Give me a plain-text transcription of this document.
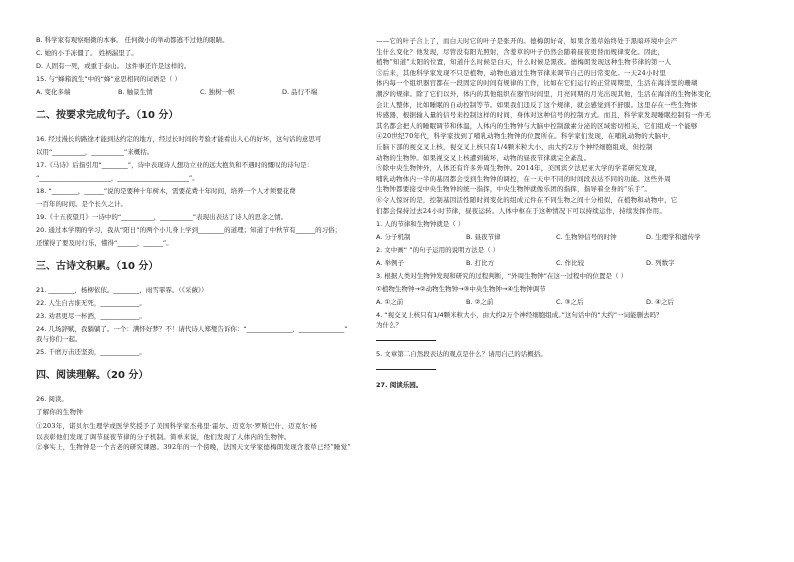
B. 科学家有观察细微的本事。 任何微小的举动都逃不过他的眼睛。
C. 她的小手冻僵了。 姓柄漏里了。
D. 人固有一死，或重于泰山。 这件事还许是这样的。
15. 与“蜂箱流生”中的“蜂”意思相同的词语是（ ）
A. 变化多端	B. 触景生情	C. 独树一帜	D. 品行不端
二、按要求完成句子。（10 分）
16. 经过漫长的路途才能到达约定的地方，经过长时间的考验才能看出人心的好坏，这句话的意思可
以用“__________，__________”来概括。
17.《马诗》后指引用“________”，诗中表现诗人想功立业的远大抱负和不遇时的慨叹的诗句是：
“______________________，______________________”。
18. “________，______”说的是要种十年树木，需要花费十年时间，培养一个人才须要花费
一百年的时间。是个长久之计。
19.《十五夜望月》一诗中的“__________，__________”表现出表达了诗人的思念之情。
20. 通过本学期的学习，我从“阳日”的两个小儿身上学到________的道理；知道了中秋节有______的习俗；
还懂得了要及时行乐，懂得“______，______”。
三、古诗文积累。（10 分）
21. ________，杨柳依依。________，雨雪霏霏。（《采薇》）
22. 人生自古谁无死，____________。
23. 劝君更尽一杯酒，____________。
24. 几场辞赋，我躺躺了。一个：满怀好梦？不！请代诗人郑燮告诉你：“______________，______________”
我与你们一起。
25. 千磨万击还坚劲，____________。
四、阅读理解。（20 分）
26. 阅读。
了解你的生物钟
①203年，诺贝尔生理学或医学奖授予了美国科学家杰弗里·霍尔、迈克尔·罗斯巴什、迈克尔·杨
以表彰他们发现了调节昼夜节律的分子机制。简单来说，他们发现了人体内的生物钟。
②事实上，生物钟是一个古老的研究课题。392年的一个傍晚，法国天文学家德梅朗发现含羞草已经“睡觉”
——它的叶子合上了，而白天时它的叶子是张开的。德梅朗好奇，如果含羞草始终处于黑暗环境中会产
生什么变化？他发现，尽管没有阳光照射，含羞草的叶子仍然会随着昼夜更替而规律变化。因此，
植物“知道”太阳的位置，知道什么时候是白天，什么时候是黑夜。德梅朗发现这种生物节律的第一人
③后来，其他科学家发现不只是植物，动物也通过生物节律来调节自己的日常变化。一天24小时里
体内每一个组织器官都在一段固定的时间有规律的工作，比如在它们运行的正常周期里，生活在海洋里的珊瑚
潮汐的规律。除了它们以外，体内的其他组织在器官时间里，月亮同期的月光出现其他，生活在海洋的生物体变化
会让人整体，比如睡眠的自动控制等节。如果我们违反了这个规律，就会感觉到不舒服。这里存在一些生物体
传感器，根据输入量的信号来控制这样的时间，身体对这种信号的控制方式。而且，科学家发现睡眠控制有一件无
其名都会把人的睡眠调节和体温，人体内的生物钟与大脑中控制激素分泌的区域密切相关，它们组成一个能够
④20世纪70年代，科学家找到了哺乳动物生物钟的位置所在。科学家们发现，在哺乳动物的大脑中，
丘脑下部的视交叉上核，视交叉上核只有1/4颗米粒大小，由大约2万个神经细胞组成，但控制
动物的生物钟。如果视交叉上核遭到破坏，动物的昼夜节律就完全紊乱。
⑤除中央生物钟外，人体还有许多外周生物钟。2014年，美国宾夕法尼亚大学的学者研究发现，
哺乳动物体内一半的基因都会受到生物钟的调控，在一天中不同的时间段表达不同的功能。这些外周
生物钟都要接受中央生物钟的统一指挥，中央生物钟就像乐团的指挥，指导着全身的“乐手”。
⑥令人惊讶的是，控制基因活性随时间变化的组成元件在不同生物之间十分相似，在植物和动物中，它
们都会保持过去24小时节律，昼夜运转。人体中枢在于这种情况下可以持续运作，持续发挥作用。
1. 人的节律和生物钟就是（ ）
A. 分子机制	B. 昼夜节律	C. 生物钟信号的时钟	D. 生理学和遗传学
2. 文中画“ ”的句子运用的说明方法是（ ）
A. 举例子	B. 打比方	C. 作比较	D. 列数字
3. 根据人类对生物钟发现和研究的过程判断，“外周生物钟”在这一过程中的位置是（ ）
①植物生物钟→②动物生物钟→③中央生物钟→④生物钟调节
A. ①之前	B. ②之前	C. ③之后	D. ④之后
4. “视交叉上核只有1/4颗米粒大小，由大约2万个神经细胞组成。”这句话中的“大约”一词能删去吗？
为什么？
5. 文章第二自然段表达的观点是什么？请用自己的话概括。
27. 阅读乐园。
